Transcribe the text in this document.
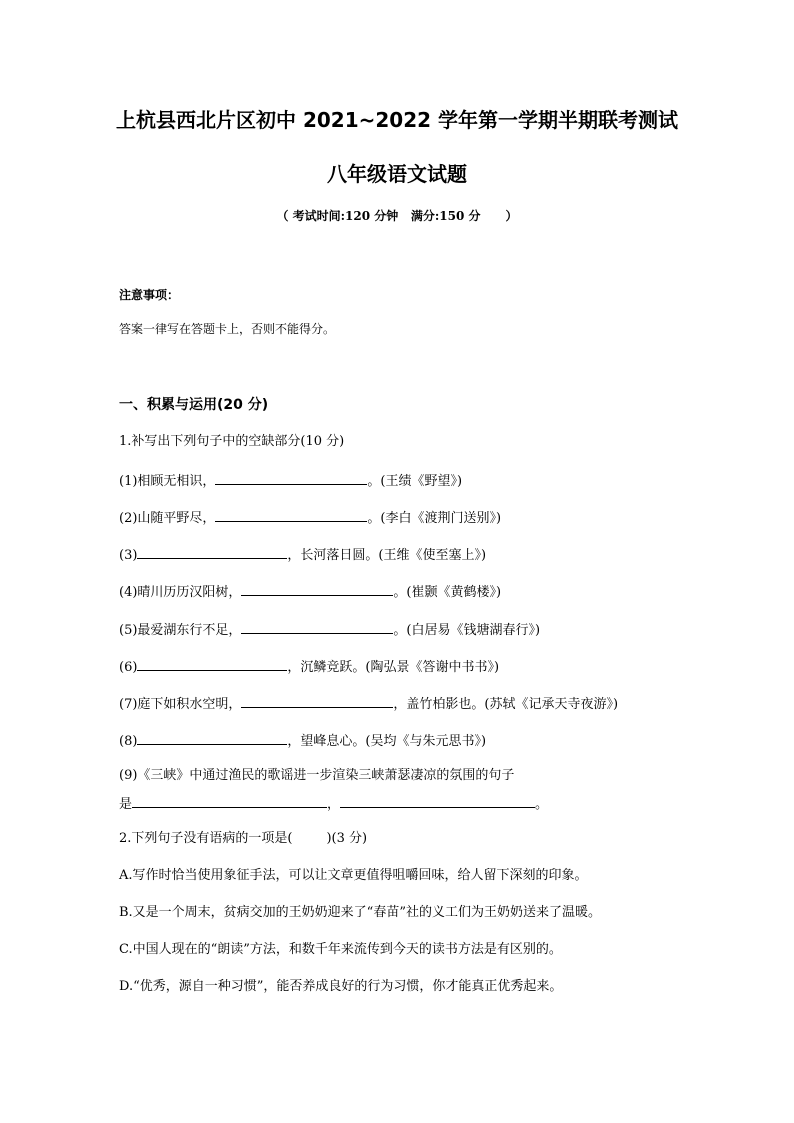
上杭县西北片区初中 2021~2022 学年第一学期半期联考测试
八年级语文试题
（ 考试时间:120 分钟   满分:150 分      ）
注意事项：
答案一律写在答题卡上，否则不能得分。
一、积累与运用(20 分)
1.补写出下列句子中的空缺部分(10 分)
(1)相顾无相识，	。(王绩《野望》)
(2)山随平野尽，	。(李白《渡荆门送别》)
(3)	，长河落日圆。(王维《使至塞上》)
(4)晴川历历汉阳树，	。(崔颢《黄鹤楼》)
(5)最爱湖东行不足，	。(白居易《钱塘湖春行》)
(6)	，沉鳞竞跃。(陶弘景《答谢中书书》)
(7)庭下如积水空明，	，盖竹柏影也。(苏轼《记承天寺夜游》)
(8)	，望峰息心。(吴均《与朱元思书》)
(9)《三峡》中通过渔民的歌谣进一步渲染三峡萧瑟凄凉的氛围的句子
是	，	。
2.下列句子没有语病的一项是(	)(3 分)
A.写作时恰当使用象征手法，可以让文章更值得咀嚼回味，给人留下深刻的印象。
B.又是一个周末，贫病交加的王奶奶迎来了“春苗”社的义工们为王奶奶送来了温暖。
C.中国人现在的“朗读”方法，和数千年来流传到今天的读书方法是有区别的。
D.“优秀，源自一种习惯”，能否养成良好的行为习惯，你才能真正优秀起来。
